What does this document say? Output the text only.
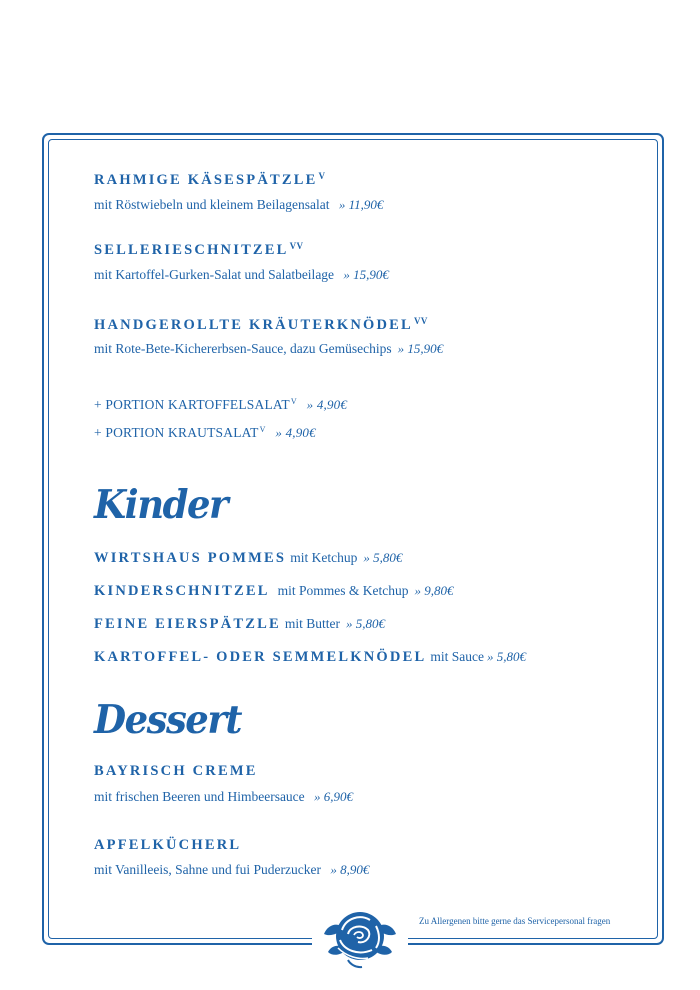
RAHMIGE $KÄSESPÄTZLE^V$
mit Röstwiebeln und kleinem Beilagensalat » 11,90€
$SELLERIESCHNITZEL^{VV}$
mit Kartoffel-Gurken-Salat und Salatbeilage » 15,90€
HANDGEROLLTE $KRÄUTERKNÖDEL^{VV}$
mit Rote-Bete-Kichererbsen-Sauce, dazu Gemüsechips » 15,90€
+ PORTION $KARTOFFELSALAT^V$ » 4,90€
+ PORTION $KRAUTSALAT^V$ » 4,90€
Kinder
WIRTSHAUS POMMES mit Ketchup » 5,80€
KINDERSCHNITZEL mit Pommes & Ketchup » 9,80€
FEINE EIERSPÄTZLE mit Butter » 5,80€
KARTOFFEL- ODER SEMMELKNÖDEL mit Sauce » 5,80€
Dessert
BAYRISCH CREME
mit frischen Beeren und Himbeersauce » 6,90€
APFELKÜCHERL
mit Vanilleeis, Sahne und fui Puderzucker » 8,90€
Zu Allergenen bitte gerne das Servicepersonal fragen
